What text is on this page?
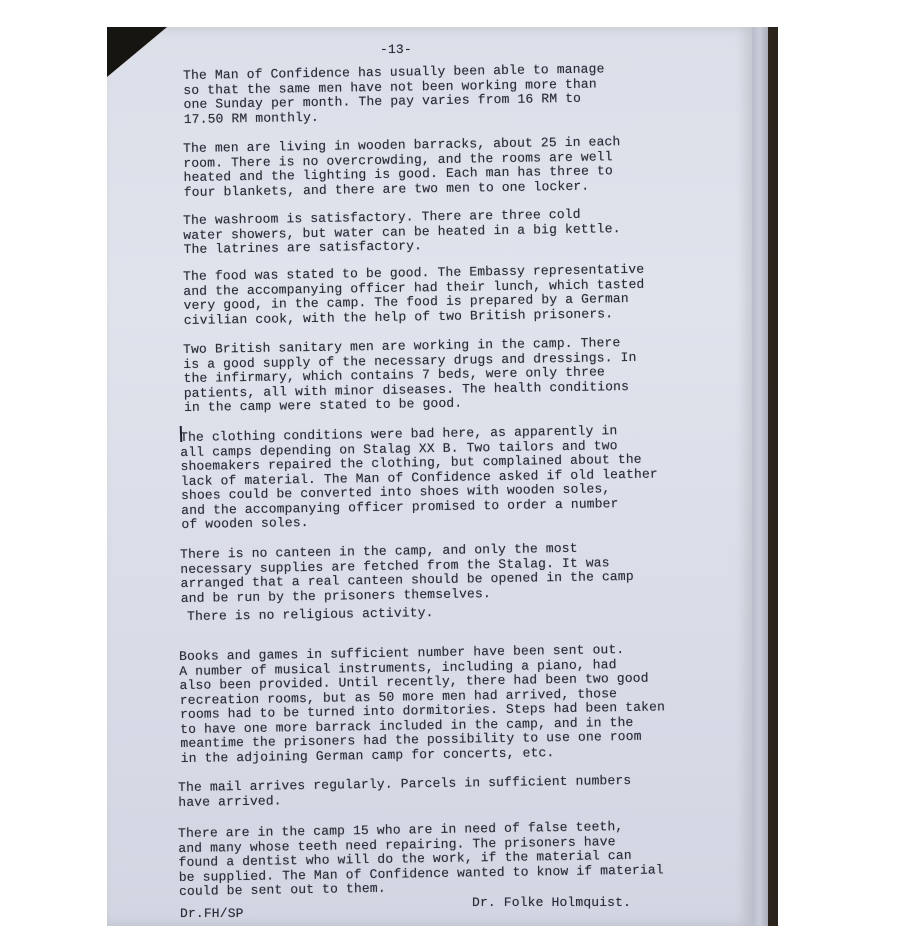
-13-
The Man of Confidence has usually been able to manage
so that the same men have not been working more than
one Sunday per month. The pay varies from 16 RM to
17.50 RM monthly.
The men are living in wooden barracks, about 25 in each
room. There is no overcrowding, and the rooms are well
heated and the lighting is good. Each man has three to
four blankets, and there are two men to one locker.
The washroom is satisfactory. There are three cold
water showers, but water can be heated in a big kettle.
The latrines are satisfactory.
The food was stated to be good. The Embassy representative
and the accompanying officer had their lunch, which tasted
very good, in the camp. The food is prepared by a German
civilian cook, with the help of two British prisoners.
Two British sanitary men are working in the camp. There
is a good supply of the necessary drugs and dressings. In
the infirmary, which contains 7 beds, were only three
patients, all with minor diseases. The health conditions
in the camp were stated to be good.
The clothing conditions were bad here, as apparently in
all camps depending on Stalag XX B. Two tailors and two
shoemakers repaired the clothing, but complained about the
lack of material. The Man of Confidence asked if old leather
shoes could be converted into shoes with wooden soles,
and the accompanying officer promised to order a number
of wooden soles.
There is no canteen in the camp, and only the most
necessary supplies are fetched from the Stalag. It was
arranged that a real canteen should be opened in the camp
and be run by the prisoners themselves.
There is no religious activity.
Books and games in sufficient number have been sent out.
A number of musical instruments, including a piano, had
also been provided. Until recently, there had been two good
recreation rooms, but as 50 more men had arrived, those
rooms had to be turned into dormitories. Steps had been taken
to have one more barrack included in the camp, and in the
meantime the prisoners had the possibility to use one room
in the adjoining German camp for concerts, etc.
The mail arrives regularly. Parcels in sufficient numbers
have arrived.
There are in the camp 15 who are in need of false teeth,
and many whose teeth need repairing. The prisoners have
found a dentist who will do the work, if the material can
be supplied. The Man of Confidence wanted to know if material
could be sent out to them.
Dr. Folke Holmquist.
Dr.FH/SP
